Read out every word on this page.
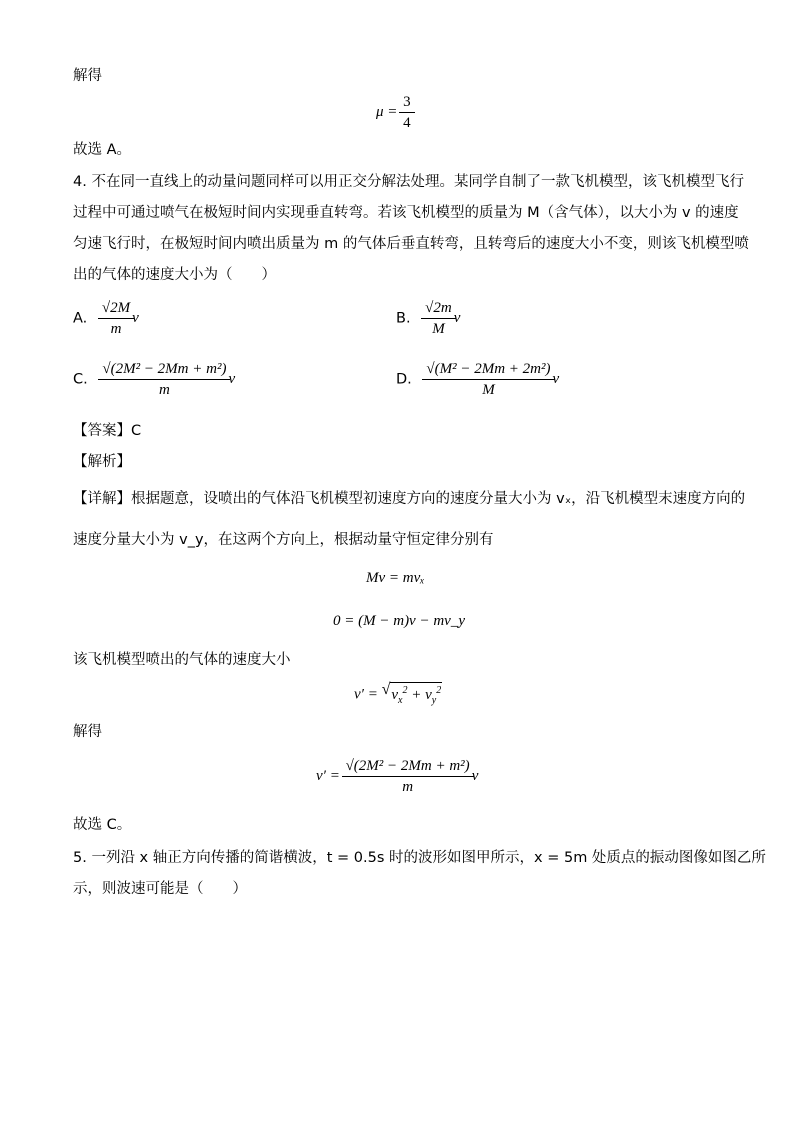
解得
$\mu = \frac{3}{4}$
故选 A。
4. 不在同一直线上的动量问题同样可以用正交分解法处理。某同学自制了一款飞机模型，该飞机模型飞行
过程中可通过喷气在极短时间内实现垂直转弯。若该飞机模型的质量为 M（含气体），以大小为 v 的速度
匀速飞行时，在极短时间内喷出质量为 m 的气体后垂直转弯，且转弯后的速度大小不变，则该飞机模型喷
出的气体的速度大小为（　　）
A. $\frac{√2M}{m}$ v	B. $\frac{√2m}{M}$ v
C. $\frac{\text{√(2M² − 2Mm + m²)}}{m}$ v	D. $\frac{\text{√(M² − 2Mm + 2m²)}}{M}$ v
【答案】C
【解析】
【详解】根据题意，设喷出的气体沿飞机模型初速度方向的速度分量大小为 vₓ，沿飞机模型末速度方向的
速度分量大小为 v_y，在这两个方向上，根据动量守恒定律分别有
Mv = mvₓ
0 = (M − m)v − mv_y
该飞机模型喷出的气体的速度大小
v′ = √ $v_x^2 + v_y^2$
解得
$v' = \frac{\text{√(2M² − 2Mm + m²)}}{m}$ v
故选 C。
5. 一列沿 x 轴正方向传播的简谐横波，t = 0.5s 时的波形如图甲所示，x = 5m 处质点的振动图像如图乙所
示，则波速可能是（　　）
